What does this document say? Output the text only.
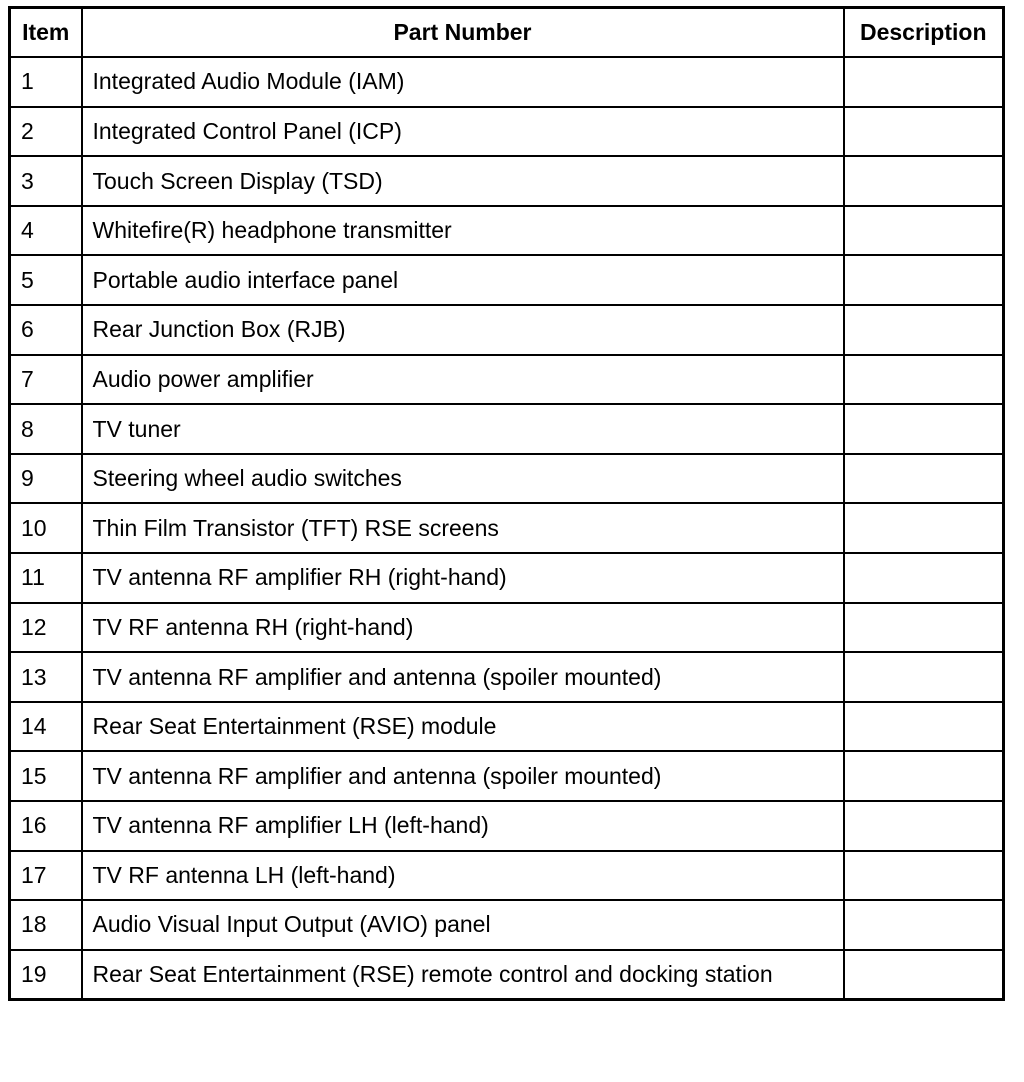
Item	Part Number	Description
1	Integrated Audio Module (IAM)	
2	Integrated Control Panel (ICP)	
3	Touch Screen Display (TSD)	
4	Whitefire(R) headphone transmitter	
5	Portable audio interface panel	
6	Rear Junction Box (RJB)	
7	Audio power amplifier	
8	TV tuner	
9	Steering wheel audio switches	
10	Thin Film Transistor (TFT) RSE screens	
11	TV antenna RF amplifier RH (right-hand)	
12	TV RF antenna RH (right-hand)	
13	TV antenna RF amplifier and antenna (spoiler mounted)	
14	Rear Seat Entertainment (RSE) module	
15	TV antenna RF amplifier and antenna (spoiler mounted)	
16	TV antenna RF amplifier LH (left-hand)	
17	TV RF antenna LH (left-hand)	
18	Audio Visual Input Output (AVIO) panel	
19	Rear Seat Entertainment (RSE) remote control and docking station	
